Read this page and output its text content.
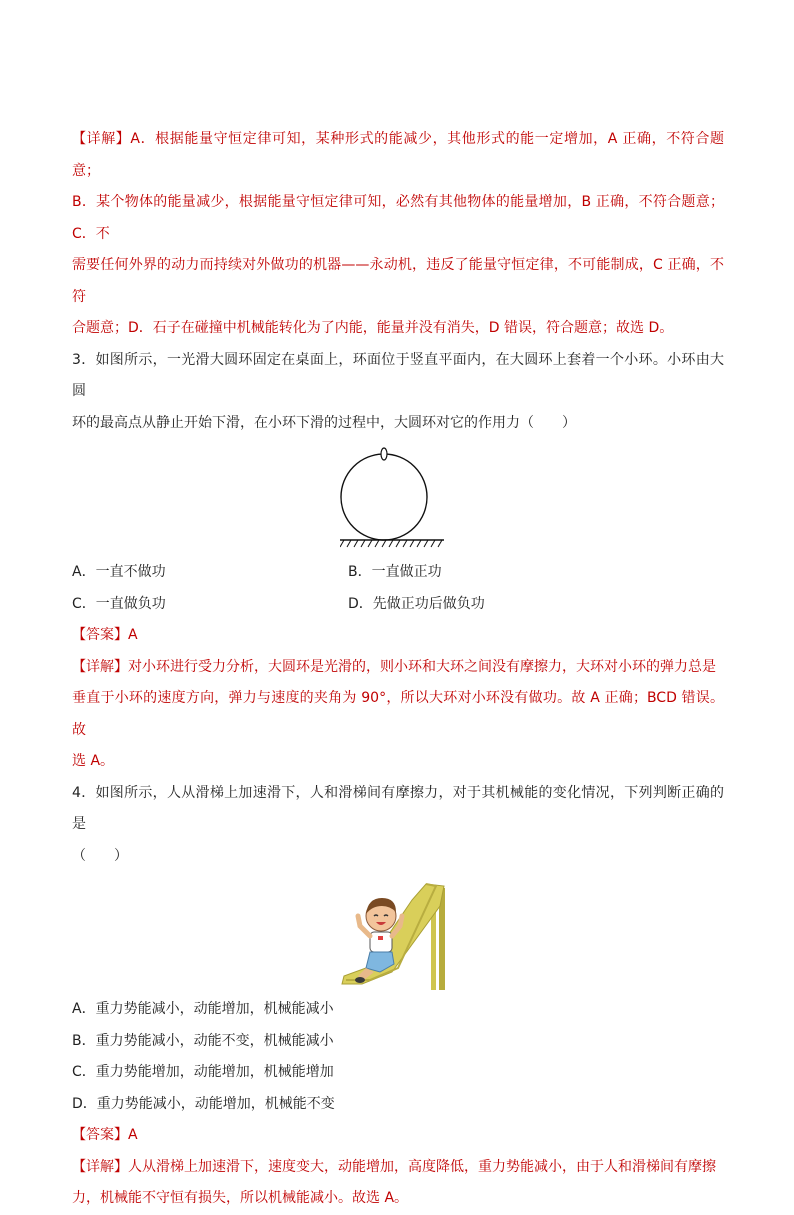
【详解】A．根据能量守恒定律可知，某种形式的能减少，其他形式的能一定增加，A 正确，不符合题意；

B．某个物体的能量减少，根据能量守恒定律可知，必然有其他物体的能量增加，B 正确，不符合题意；C．不

需要任何外界的动力而持续对外做功的机器——永动机，违反了能量守恒定律，不可能制成，C 正确，不符

合题意；D．石子在碰撞中机械能转化为了内能，能量并没有消失，D 错误，符合题意；故选 D。

3．如图所示，一光滑大圆环固定在桌面上，环面位于竖直平面内，在大圆环上套着一个小环。小环由大圆

环的最高点从静止开始下滑，在小环下滑的过程中，大圆环对它的作用力（　　）

A．一直不做功	B．一直做正功
C．一直做负功	D．先做正功后做负功

【答案】A

【详解】对小环进行受力分析，大圆环是光滑的，则小环和大环之间没有摩擦力，大环对小环的弹力总是

垂直于小环的速度方向，弹力与速度的夹角为 90°，所以大环对小环没有做功。故 A 正确；BCD 错误。故

选 A。

4．如图所示，人从滑梯上加速滑下，人和滑梯间有摩擦力，对于其机械能的变化情况，下列判断正确的是

（　　）

A．重力势能减小，动能增加，机械能减小

B．重力势能减小，动能不变，机械能减小

C．重力势能增加，动能增加，机械能增加

D．重力势能减小，动能增加，机械能不变

【答案】A

【详解】人从滑梯上加速滑下，速度变大，动能增加，高度降低，重力势能减小，由于人和滑梯间有摩擦

力，机械能不守恒有损失，所以机械能减小。故选 A。
